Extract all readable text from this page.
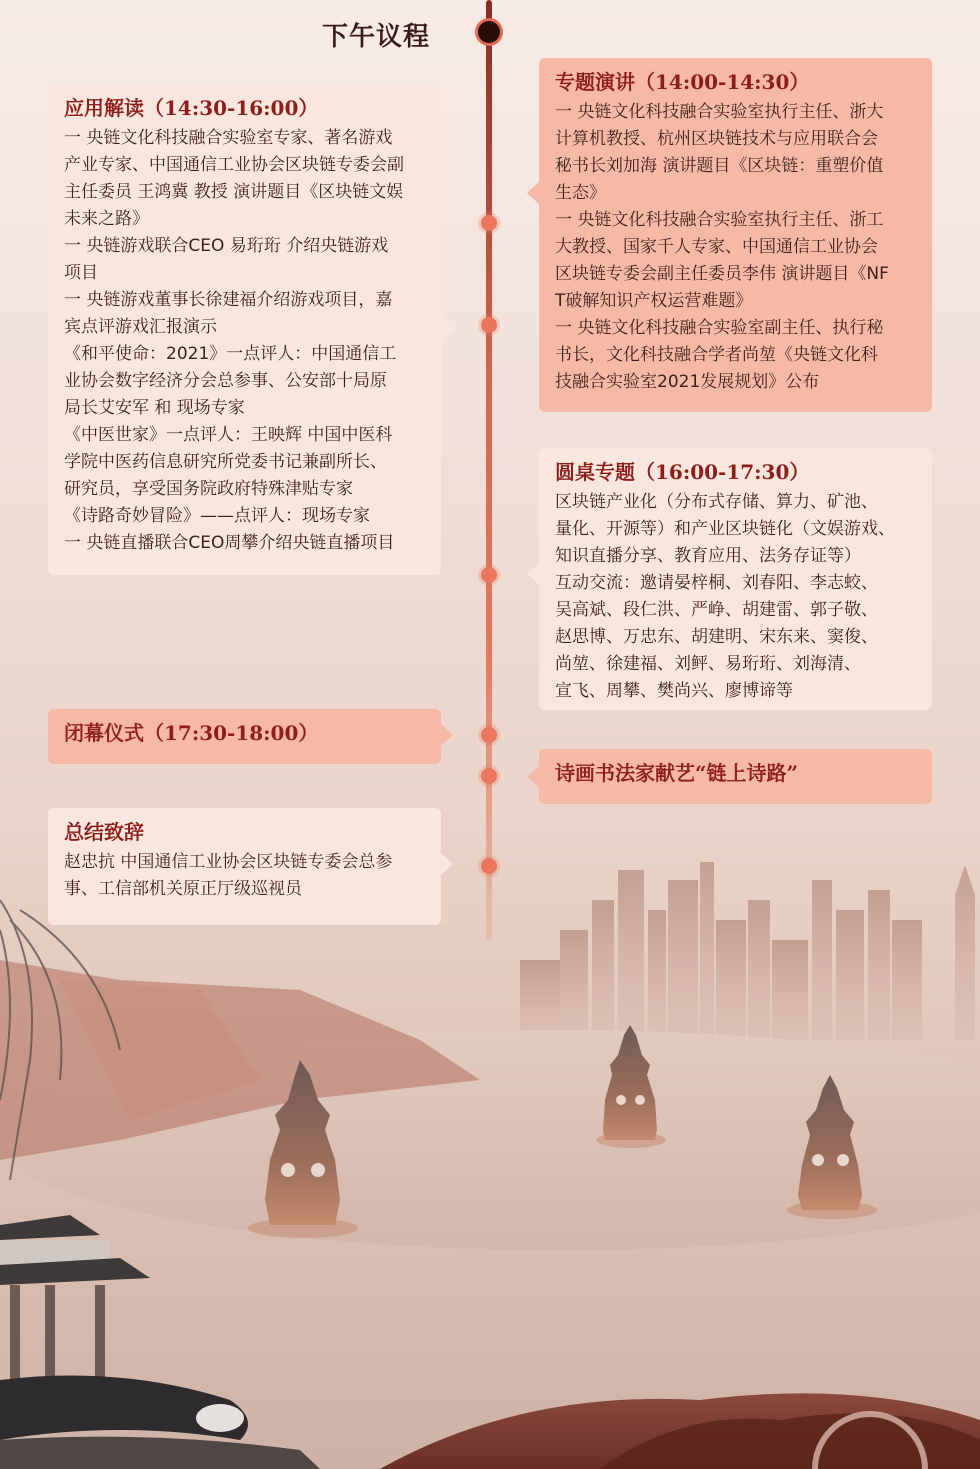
下午议程
应用解读（14:30-16:00）
一 央链文化科技融合实验室专家、著名游戏
产业专家、中国通信工业协会区块链专委会副
主任委员 王鸿冀 教授 演讲题目《区块链文娱
未来之路》
一 央链游戏联合CEO 易珩珩 介绍央链游戏
项目
一 央链游戏董事长徐建福介绍游戏项目，嘉
宾点评游戏汇报演示
《和平使命：2021》一点评人：中国通信工
业协会数字经济分会总参事、公安部十局原
局长艾安军 和 现场专家
《中医世家》一点评人：王映辉 中国中医科
学院中医药信息研究所党委书记兼副所长、
研究员，享受国务院政府特殊津贴专家
《诗路奇妙冒险》——点评人：现场专家
一 央链直播联合CEO周攀介绍央链直播项目
专题演讲（14:00-14:30）
一 央链文化科技融合实验室执行主任、浙大
计算机教授、杭州区块链技术与应用联合会
秘书长刘加海 演讲题目《区块链：重塑价值
生态》
一 央链文化科技融合实验室执行主任、浙工
大教授、国家千人专家、中国通信工业协会
区块链专委会副主任委员李伟 演讲题目《NF
T破解知识产权运营难题》
一 央链文化科技融合实验室副主任、执行秘
书长，文化科技融合学者尚堃《央链文化科
技融合实验室2021发展规划》公布
圆桌专题（16:00-17:30）
区块链产业化（分布式存储、算力、矿池、
量化、开源等）和产业区块链化（文娱游戏、
知识直播分享、教育应用、法务存证等）
互动交流：邀请晏梓桐、刘春阳、李志蛟、
吴高斌、段仁洪、严峥、胡建雷、郭子敬、
赵思博、万忠东、胡建明、宋东来、窦俊、
尚堃、徐建福、刘鲆、易珩珩、刘海清、
宣飞、周攀、樊尚兴、廖博谛等
闭幕仪式（17:30-18:00）
诗画书法家献艺“链上诗路”
总结致辞
赵忠抗 中国通信工业协会区块链专委会总参
事、工信部机关原正厅级巡视员
